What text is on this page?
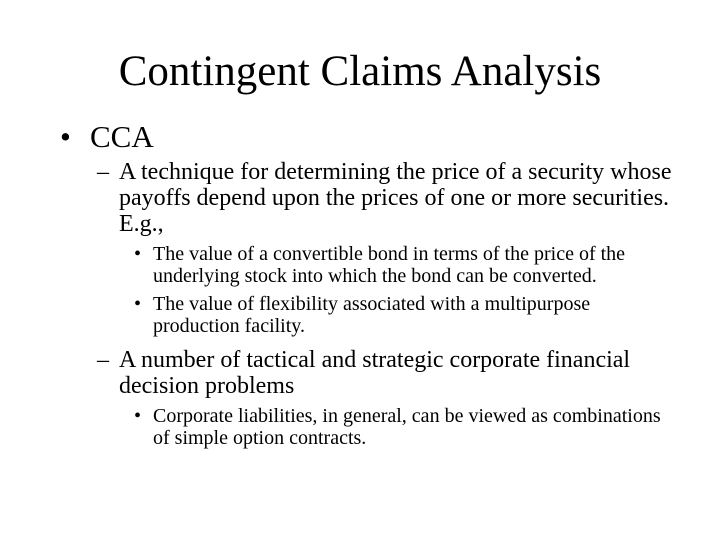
Contingent Claims Analysis
• CCA
– A technique for determining the price of a security whose payoffs depend upon the prices of one or more securities. E.g.,
• The value of a convertible bond in terms of the price of the underlying stock into which the bond can be converted.
• The value of flexibility associated with a multipurpose production facility.
– A number of tactical and strategic corporate financial decision problems
• Corporate liabilities, in general, can be viewed as combinations of simple option contracts.
